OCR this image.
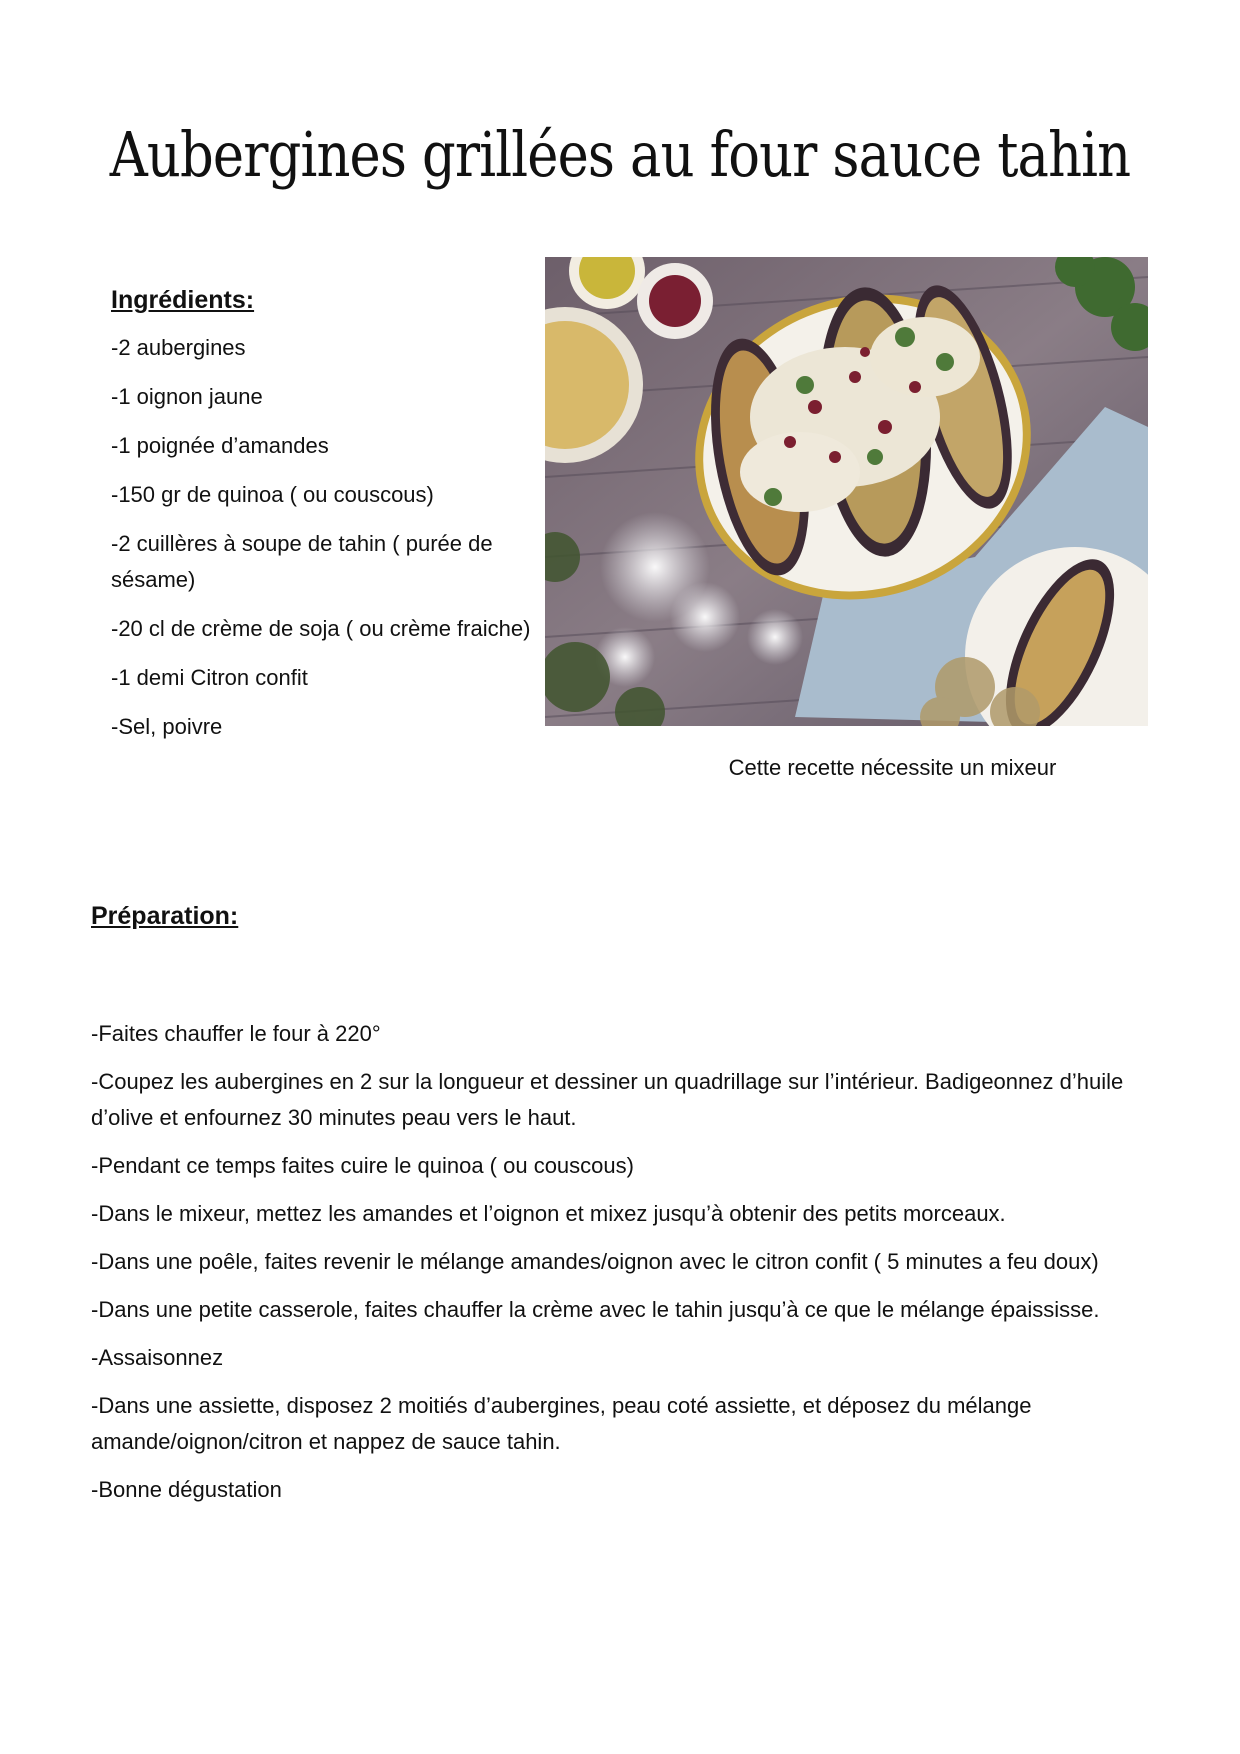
Aubergines grillées au four sauce tahin
Ingrédients:
-2 aubergines
-1 oignon jaune
-1 poignée d’amandes
-150 gr de quinoa ( ou couscous)
-2 cuillères à soupe de tahin ( purée de sésame)
-20 cl de crème de soja ( ou crème fraiche)
-1 demi Citron confit
-Sel, poivre
Cette recette nécessite un mixeur
Préparation:
-Faites chauffer le four à 220°
-Coupez les aubergines en 2 sur la longueur et dessiner un quadrillage sur l’intérieur. Badigeonnez d’huile d’olive et enfournez 30 minutes peau vers le haut.
-Pendant ce temps faites cuire le quinoa ( ou couscous)
-Dans le mixeur, mettez les amandes et l’oignon et mixez jusqu’à obtenir des petits morceaux.
-Dans une poêle, faites revenir le mélange amandes/oignon avec le citron confit ( 5 minutes a feu doux)
-Dans une petite casserole, faites chauffer la crème avec le tahin jusqu’à ce que le mélange épaississe.
-Assaisonnez
-Dans une assiette, disposez 2 moitiés d’aubergines, peau coté assiette, et déposez du mélange amande/oignon/citron et nappez de sauce tahin.
-Bonne dégustation
